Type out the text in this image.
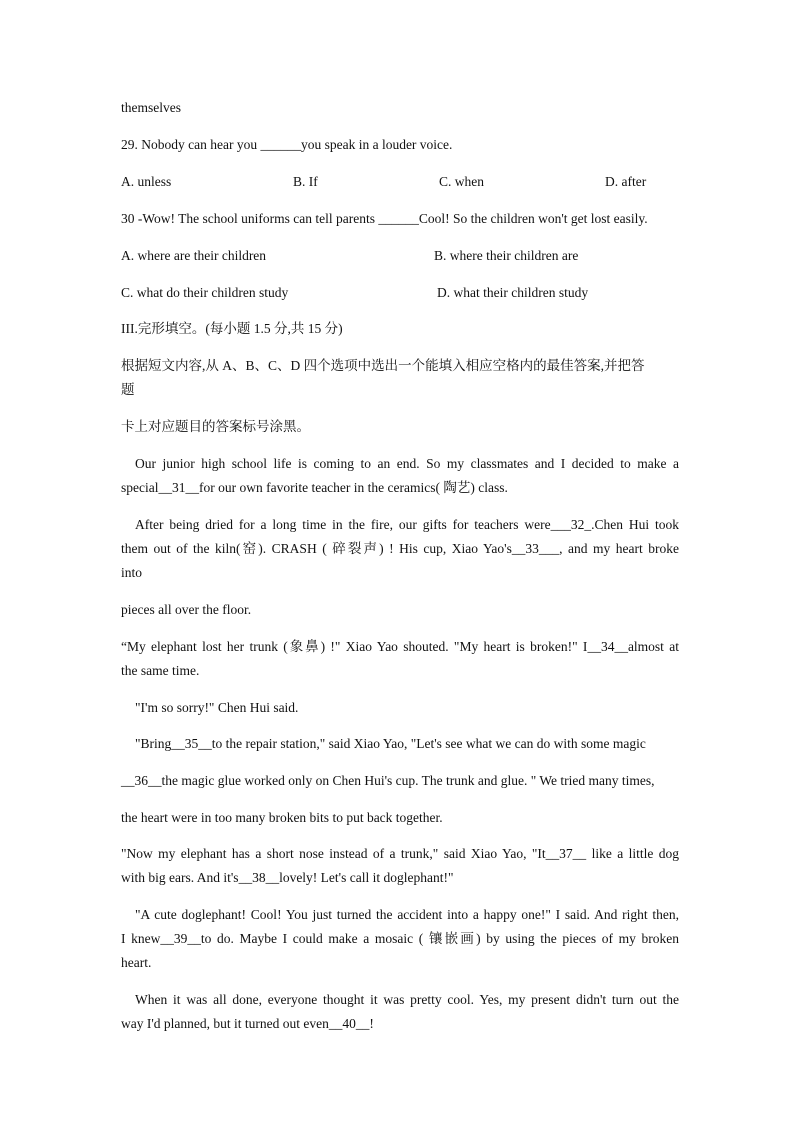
themselves
29. Nobody can hear you ______you speak in a louder voice.
A. unless	B. If	C. when	D. after
30 -Wow! The school uniforms can tell parents ______Cool! So the children won't get lost easily.
A. where are their children	B. where their children are
C. what do their children study	D. what their children study
III.完形填空。(每小题 1.5 分,共 15 分)
根据短文内容,从 A、B、C、D 四个选项中选出一个能填入相应空格内的最佳答案,并把答
题
卡上对应题目的答案标号涂黑。
Our junior high school life is coming to an end. So my classmates and I decided to make a
special__31__for our own favorite teacher in the ceramics( 陶艺) class.
After being dried for a long time in the fire, our gifts for teachers were___32_.Chen Hui took
them out of the kiln(窑). CRASH ( 碎裂声) ! His cup, Xiao Yao's__33___, and my heart broke
into
pieces all over the floor.
“My elephant lost her trunk (象鼻) !" Xiao Yao shouted. "My heart is broken!" I__34__almost at
the same time.
"I'm so sorry!" Chen Hui said.
"Bring__35__to the repair station," said Xiao Yao, "Let's see what we can do with some magic
__36__the magic glue worked only on Chen Hui's cup. The trunk and glue. " We tried many times,
the heart were in too many broken bits to put back together.
"Now my elephant has a short nose instead of a trunk," said Xiao Yao, "It__37__ like a little dog
with big ears. And it's__38__lovely! Let's call it doglephant!"
"A cute doglephant! Cool! You just turned the accident into a happy one!" I said. And right then,
I knew__39__to do. Maybe I could make a mosaic ( 镶嵌画) by using the pieces of my broken
heart.
When it was all done, everyone thought it was pretty cool. Yes, my present didn't turn out the
way I'd planned, but it turned out even__40__!
